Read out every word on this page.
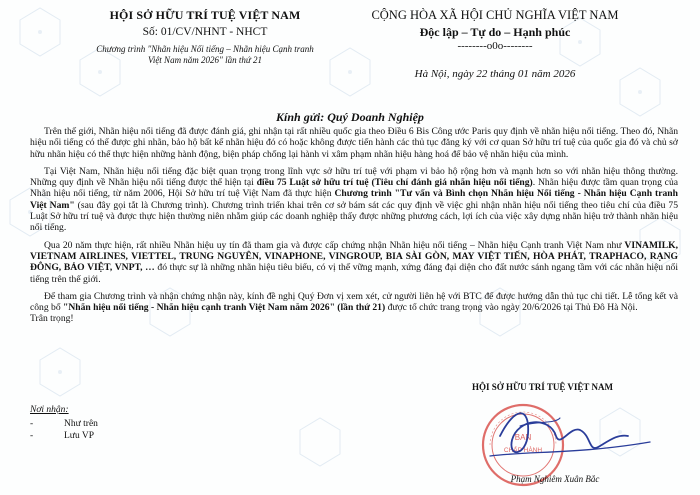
HỘI SỞ HỮU TRÍ TUỆ VIỆT NAM
Số: 01/CV/NHNT - NHCT
Chương trình "Nhãn hiệu Nổi tiếng – Nhãn hiệu Cạnh tranh
Việt Nam năm 2026" lần thứ 21
CỘNG HÒA XÃ HỘI CHỦ NGHĨA VIỆT NAM
Độc lập – Tự do – Hạnh phúc
--------o0o--------
Hà Nội, ngày 22 tháng 01 năm 2026
Kính gửi: Quý Doanh Nghiệp

Trên thế giới, Nhãn hiệu nổi tiếng đã được đánh giá, ghi nhận tại rất nhiều quốc gia theo Điều 6 Bis Công ước Paris quy định về nhãn hiệu nổi tiếng. Theo đó, Nhãn hiệu nổi tiếng có thể được ghi nhãn, bảo hộ bất kể nhãn hiệu đó có hoặc không được tiến hành các thủ tục đăng ký với cơ quan Sở hữu trí tuệ của quốc gia đó và chủ sở hữu nhãn hiệu có thể thực hiện những hành động, biện pháp chống lại hành vi xâm phạm nhãn hiệu hàng hoá để bảo vệ nhãn hiệu của mình.

Tại Việt Nam, Nhãn hiệu nổi tiếng đặc biệt quan trọng trong lĩnh vực sở hữu trí tuệ với phạm vi bảo hộ rộng hơn và mạnh hơn so với nhãn hiệu thông thường. Những quy định về Nhãn hiệu nổi tiếng được thể hiện tại điều 75 Luật sở hữu trí tuệ (Tiêu chí đánh giá nhãn hiệu nổi tiếng). Nhãn hiệu được tầm quan trọng của Nhãn hiệu nổi tiếng, từ năm 2006, Hội Sở hữu trí tuệ Việt Nam đã thực hiện Chương trình "Tư vấn và Bình chọn Nhãn hiệu Nổi tiếng - Nhãn hiệu Cạnh tranh Việt Nam" (sau đây gọi tắt là Chương trình). Chương trình triển khai trên cơ sở bám sát các quy định về việc ghi nhận nhãn hiệu nổi tiếng theo tiêu chí của điều 75 Luật Sở hữu trí tuệ và được thực hiện thường niên nhằm giúp các doanh nghiệp thấy được những phương cách, lợi ích của việc xây dựng nhãn hiệu trở thành nhãn hiệu nổi tiếng.

Qua 20 năm thực hiện, rất nhiều Nhãn hiệu uy tín đã tham gia và được cấp chứng nhận Nhãn hiệu nổi tiếng – Nhãn hiệu Cạnh tranh Việt Nam như VINAMILK, VIETNAM AIRLINES, VIETTEL, TRUNG NGUYÊN, VINAPHONE, VINGROUP, BIA SÀI GÒN, MAY VIỆT TIẾN, HÒA PHÁT, TRAPHACO, RẠNG ĐÔNG, BẢO VIỆT, VNPT, … đó thực sự là những nhãn hiệu tiêu biểu, có vị thế vững mạnh, xứng đáng đại diện cho đất nước sánh ngang tầm với các nhãn hiệu nổi tiếng trên thế giới.

Để tham gia Chương trình và nhận chứng nhận này, kính đề nghị Quý Đơn vị xem xét, cử người liên hệ với BTC để được hướng dẫn thủ tục chi tiết. Lễ tổng kết và công bố "Nhãn hiệu nổi tiếng - Nhãn hiệu cạnh tranh Việt Nam năm 2026" (lần thứ 21) được tổ chức trang trọng vào ngày 20/6/2026 tại Thủ Đô Hà Nội.

Trân trọng!

Nơi nhận:
-	Như trên
-	Lưu VP
HỘI SỞ HỮU TRÍ TUỆ VIỆT NAM
BAN
CHẤP HÀNH
Phạm Nghiêm Xuân Bắc
